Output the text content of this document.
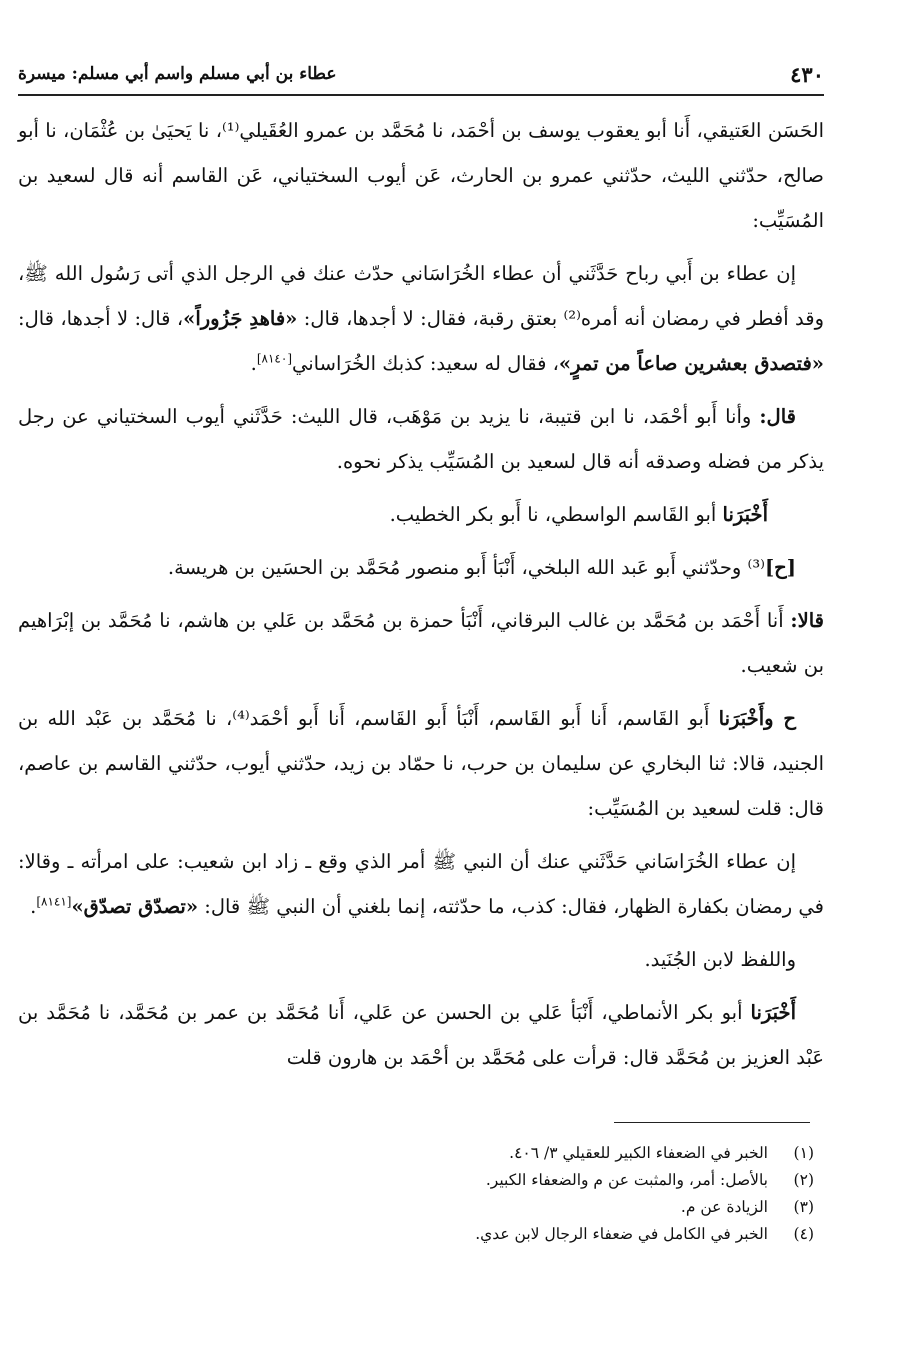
عطاء بن أبي مسلم واسم أبي مسلم: ميسرة	٤٣٠

الحَسَن العَتيقي، أَنا أبو يعقوب يوسف بن أحْمَد، نا مُحَمَّد بن عمرو العُقَيلي⁽¹⁾، نا يَحيَىٰ بن عُثْمَان، نا أبو صالح، حدّثني الليث، حدّثني عمرو بن الحارث، عَن أيوب السختياني، عَن القاسم أنه قال لسعيد بن المُسَيِّب:

إن عطاء بن أَبي رباح حَدَّثَني أن عطاء الخُرَاسَاني حدّث عنك في الرجل الذي أتى رَسُول الله ﷺ، وقد أفطر في رمضان أنه أمره⁽²⁾ بعتق رقبة، فقال: لا أجدها، قال: «فاهدِ جَزُوراً»، قال: لا أجدها، قال: «فتصدق بعشرين صاعاً من تمرٍ»، فقال له سعيد: كذبك الخُرَاساني[٨١٤٠].

قال: وأنا أَبو أحْمَد، نا ابن قتيبة، نا يزيد بن مَوْهَب، قال الليث: حَدَّثَني أيوب السختياني عن رجل يذكر من فضله وصدقه أنه قال لسعيد بن المُسَيِّب يذكر نحوه.

أَخْبَرَنا أبو القَاسم الواسطي، نا أَبو بكر الخطيب.

[ح]⁽³⁾ وحدّثني أَبو عَبد الله البلخي، أَنْبَأ أَبو منصور مُحَمَّد بن الحسَين بن هريسة.

قالا: أَنا أَحْمَد بن مُحَمَّد بن غالب البرقاني، أَنْبَأ حمزة بن مُحَمَّد بن عَلي بن هاشم، نا مُحَمَّد بن إبْرَاهيم بن شعيب.

ح وأَخْبَرَنا أَبو القَاسم، أَنا أَبو القَاسم، أَنْبَأ أَبو القَاسم، أَنا أَبو أحْمَد⁽⁴⁾، نا مُحَمَّد بن عَبْد الله بن الجنيد، قالا: ثنا البخاري عن سليمان بن حرب، نا حمّاد بن زيد، حدّثني أيوب، حدّثني القاسم بن عاصم، قال: قلت لسعيد بن المُسَيِّب:

إن عطاء الخُرَاسَاني حَدَّثَني عنك أن النبي ﷺ أمر الذي وقع ـ زاد ابن شعيب: على امرأته ـ وقالا: في رمضان بكفارة الظهار، فقال: كذب، ما حدّثته، إنما بلغني أن النبي ﷺ قال: «تصدّق تصدّق»[٨١٤١].

واللفظ لابن الجُنَيد.

أَخْبَرَنا أبو بكر الأنماطي، أَنْبَأ عَلي بن الحسن عن عَلي، أَنا مُحَمَّد بن عمر بن مُحَمَّد، نا مُحَمَّد بن عَبْد العزيز بن مُحَمَّد قال: قرأت على مُحَمَّد بن أحْمَد بن هارون قلت

(١)
الخبر في الضعفاء الكبير للعقيلي ٣/ ٤٠٦.
(٢)
بالأصل: أمر، والمثبت عن م والضعفاء الكبير.
(٣)
الزيادة عن م.
(٤)
الخبر في الكامل في ضعفاء الرجال لابن عدي.
